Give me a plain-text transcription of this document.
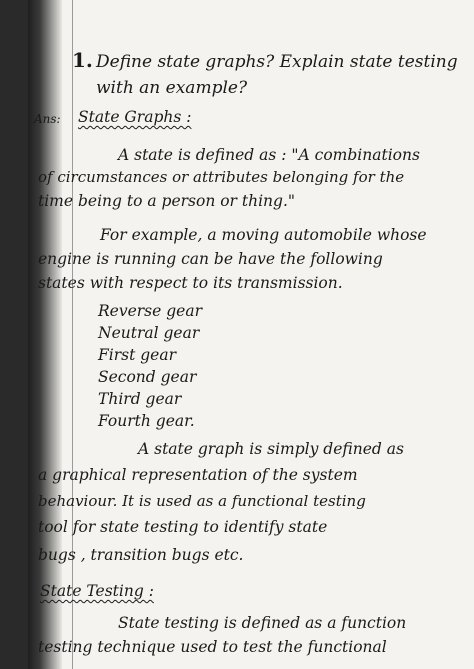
1. Define state graphs? Explain state testing
with an example?
Ans: State Graphs :
A state is defined as : "A combinations
of circumstances or attributes belonging for the
time being to a person or thing."
For example, a moving automobile whose
engine is running can be have the following
states with respect to its transmission.
Reverse gear
Neutral gear
First gear
Second gear
Third gear
Fourth gear.
A state graph is simply defined as
a graphical representation of the system
behaviour. It is used as a functional testing
tool for state testing to identify state
bugs , transition bugs etc.
State Testing :
State testing is defined as a function
testing technique used to test the functional
